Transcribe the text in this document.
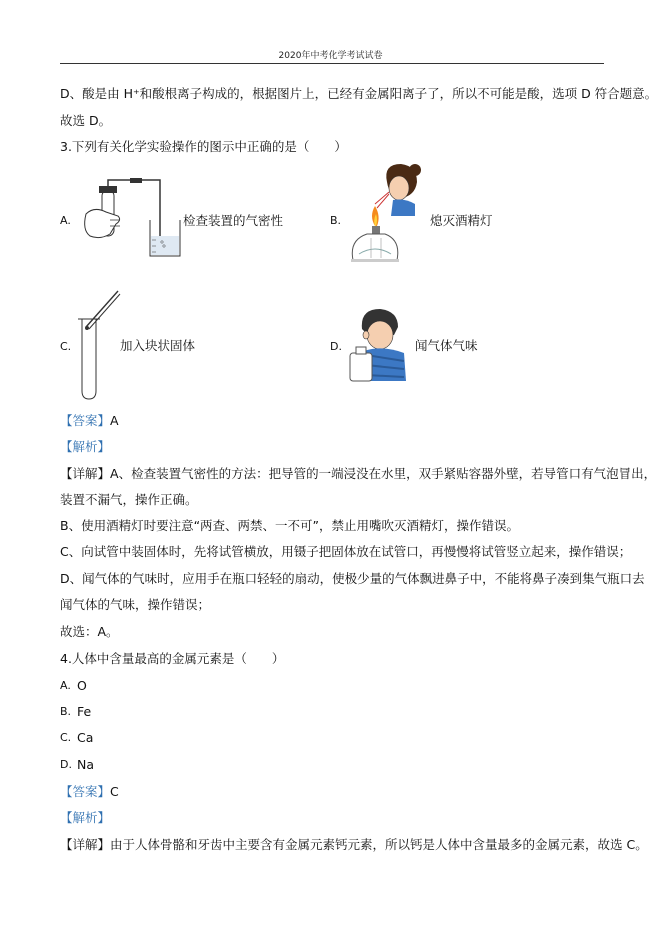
2020年中考化学考试试卷
D、酸是由 H⁺和酸根离子构成的，根据图片上，已经有金属阳离子了，所以不可能是酸，选项 D 符合题意。
故选 D。
3.下列有关化学实验操作的图示中正确的是（　　）
A.	检查装置的气密性	B.	熄灭酒精灯
C.	加入块状固体	D.	闻气体气味
【答案】A
【解析】
【详解】A、检查装置气密性的方法：把导管的一端浸没在水里，双手紧贴容器外壁，若导管口有气泡冒出，
装置不漏气，操作正确。
B、使用酒精灯时要注意“两查、两禁、一不可”，禁止用嘴吹灭酒精灯，操作错误。
C、向试管中装固体时，先将试管横放，用镊子把固体放在试管口，再慢慢将试管竖立起来，操作错误；
D、闻气体的气味时，应用手在瓶口轻轻的扇动，使极少量的气体飘进鼻子中，不能将鼻子凑到集气瓶口去
闻气体的气味，操作错误；
故选：A。
4.人体中含量最高的金属元素是（　　）
A. O
B. Fe
C. Ca
D. Na
【答案】C
【解析】
【详解】由于人体骨骼和牙齿中主要含有金属元素钙元素，所以钙是人体中含量最多的金属元素，故选 C。
